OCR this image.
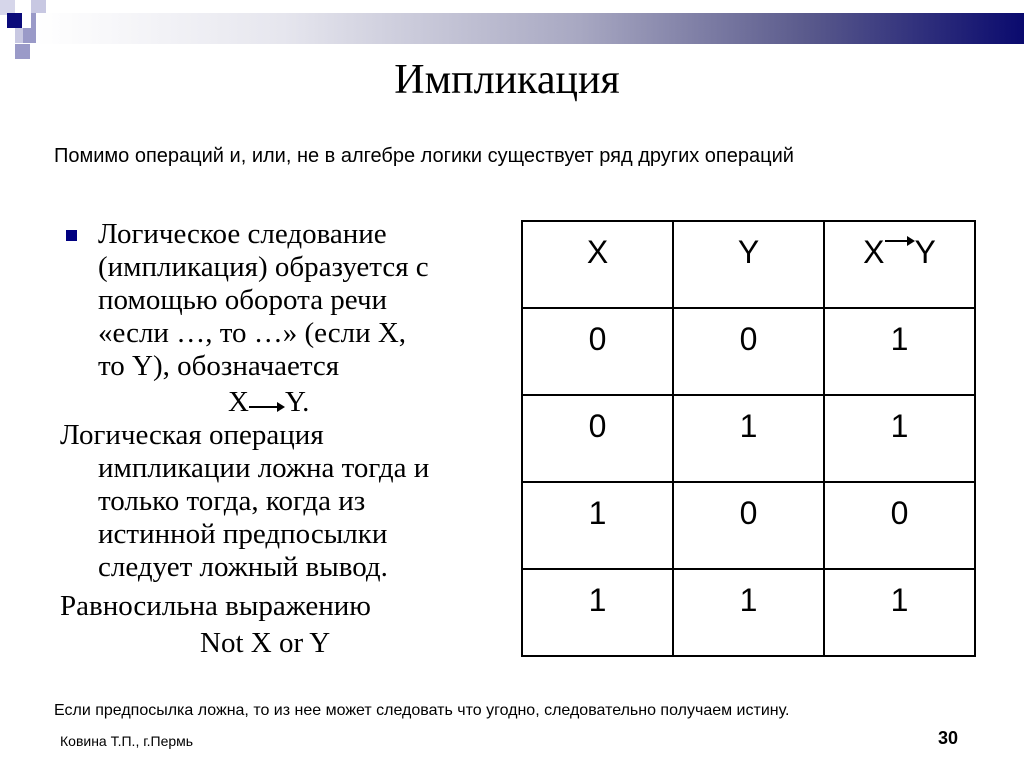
Импликация
Помимо операций и, или, не в алгебре логики существует ряд других операций
Логическое следование
(импликация) образуется с
помощью оборота речи
«если …, то …» (если X,
то Y), обозначается
X Y.
Логическая операция
импликации ложна тогда и
только тогда, когда из
истинной предпосылки
следует ложный вывод.
Равносильна выражению
Not X or Y
X	Y	X Y
0	0	1
0	1	1
1	0	0
1	1	1
Если предпосылка ложна, то из нее может следовать что угодно, следовательно получаем истину.
Ковина Т.П., г.Пермь	30
